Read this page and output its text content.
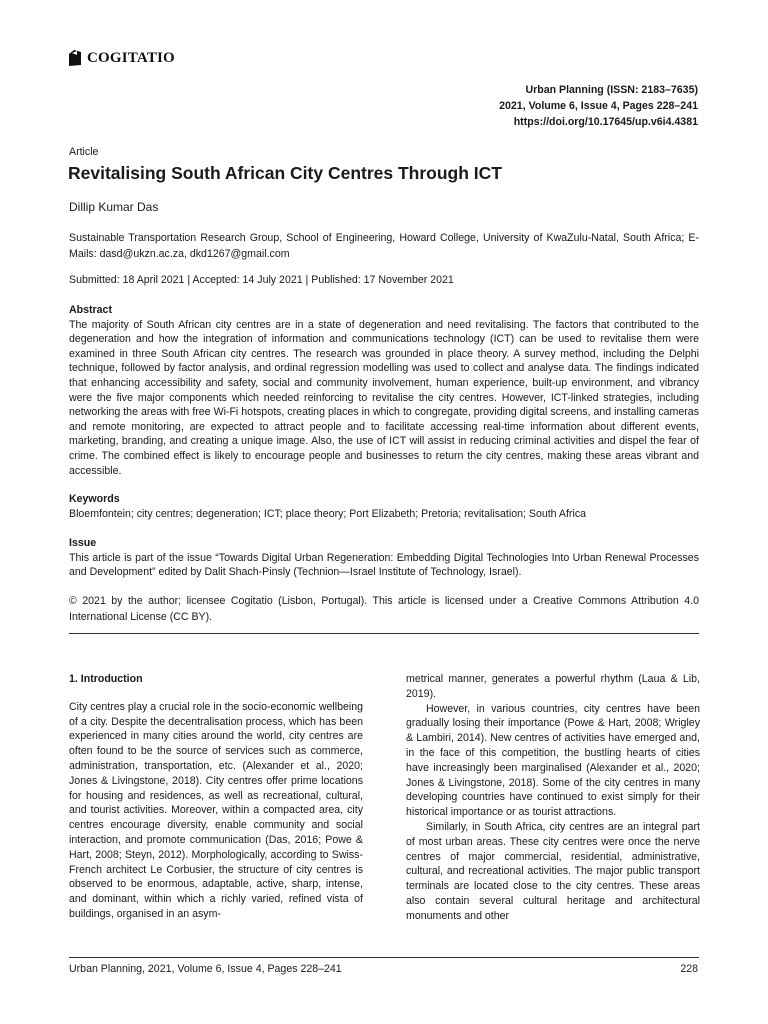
COGITATIO
Urban Planning (ISSN: 2183–7635)
2021, Volume 6, Issue 4, Pages 228–241
https://doi.org/10.17645/up.v6i4.4381
Article
Revitalising South African City Centres Through ICT
Dillip Kumar Das
Sustainable Transportation Research Group, School of Engineering, Howard College, University of KwaZulu-Natal, South Africa; E-Mails: dasd@ukzn.ac.za, dkd1267@gmail.com
Submitted: 18 April 2021 | Accepted: 14 July 2021 | Published: 17 November 2021
Abstract
The majority of South African city centres are in a state of degeneration and need revitalising. The factors that contributed to the degeneration and how the integration of information and communications technology (ICT) can be used to revitalise them were examined in three South African city centres. The research was grounded in place theory. A survey method, including the Delphi technique, followed by factor analysis, and ordinal regression modelling was used to collect and analyse data. The findings indicated that enhancing accessibility and safety, social and community involvement, human experience, built-up environment, and vibrancy were the five major components which needed reinforcing to revitalise the city centres. However, ICT-linked strategies, including networking the areas with free Wi-Fi hotspots, creating places in which to congregate, providing digital screens, and installing cameras and remote monitoring, are expected to attract people and to facilitate accessing real-time information about different events, marketing, branding, and creating a unique image. Also, the use of ICT will assist in reducing criminal activities and dispel the fear of crime. The combined effect is likely to encourage people and businesses to return the city centres, making these areas vibrant and accessible.
Keywords
Bloemfontein; city centres; degeneration; ICT; place theory; Port Elizabeth; Pretoria; revitalisation; South Africa
Issue
This article is part of the issue “Towards Digital Urban Regeneration: Embedding Digital Technologies Into Urban Renewal Processes and Development” edited by Dalit Shach-Pinsly (Technion—Israel Institute of Technology, Israel).
© 2021 by the author; licensee Cogitatio (Lisbon, Portugal). This article is licensed under a Creative Commons Attribution 4.0 International License (CC BY).
1. Introduction

City centres play a crucial role in the socio-economic wellbeing of a city. Despite the decentralisation process, which has been experienced in many cities around the world, city centres are often found to be the source of services such as commerce, administration, transportation, etc. (Alexander et al., 2020; Jones & Livingstone, 2018). City centres offer prime locations for housing and residences, as well as recreational, cultural, and tourist activities. Moreover, within a compacted area, city centres encourage diversity, enable community and social interaction, and promote communication (Das, 2016; Powe & Hart, 2008; Steyn, 2012). Morphologically, according to Swiss-French architect Le Corbusier, the structure of city centres is observed to be enormous, adaptable, active, sharp, intense, and dominant, within which a richly varied, refined vista of buildings, organised in an asym-

metrical manner, generates a powerful rhythm (Laua & Lib, 2019).

However, in various countries, city centres have been gradually losing their importance (Powe & Hart, 2008; Wrigley & Lambiri, 2014). New centres of activities have emerged and, in the face of this competition, the bustling hearts of cities have increasingly been marginalised (Alexander et al., 2020; Jones & Livingstone, 2018). Some of the city centres in many developing countries have continued to exist simply for their historical importance or as tourist attractions.

Similarly, in South Africa, city centres are an integral part of most urban areas. These city centres were once the nerve centres of major commercial, residential, administrative, cultural, and recreational activities. The major public transport terminals are located close to the city centres. These areas also contain several cultural heritage and architectural monuments and other

Urban Planning, 2021, Volume 6, Issue 4, Pages 228–241	228
